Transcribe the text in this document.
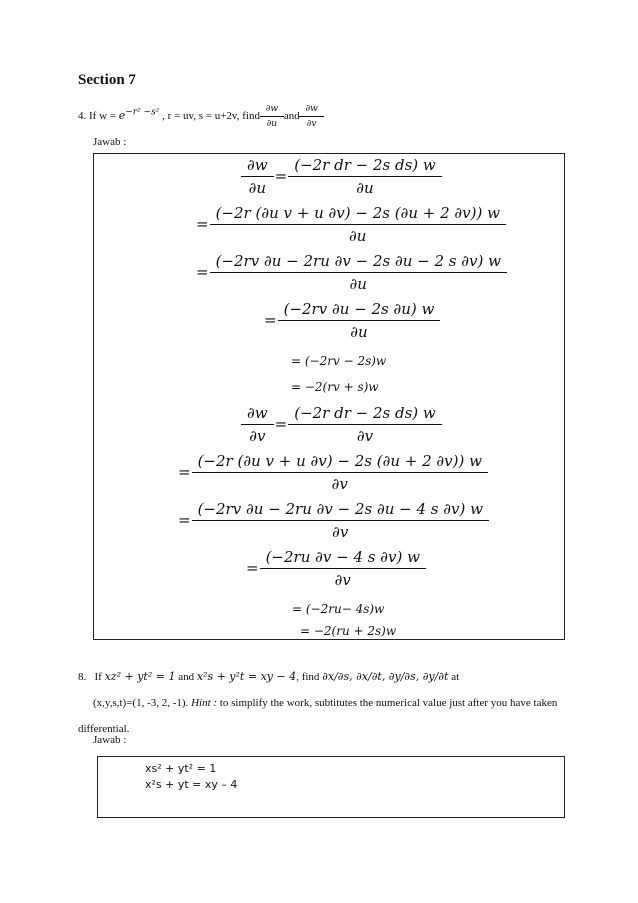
Section 7
4. If $w = e^{-r^2 -s^2}$ , r = uv, s = u+2v, find $\frac{\partial w}{\partial u}$ and $\frac{\partial w}{\partial v}$
Jawab :
$\frac{\partial w}{\partial u} = \frac{\text{(−2r dr − 2s ds) w}}{\partial u}$
= $\frac{\text{(−2r (∂u v + u ∂v) − 2s (∂u + 2 ∂v)) w}}{\partial u}$
= $\frac{(-2rv \partial u - 2ru \partial v - 2s \partial u - 2 s \partial v) w}{\partial u}$
= $\frac{(-2rv \partial u - 2s \partial u) w}{\partial u}$
= (−2rv − 2s)w
= −2(rv + s)w
$\frac{\partial w}{\partial v} = \frac{\text{(−2r dr − 2s ds) w}}{\partial v}$
= $\frac{\text{(−2r (∂u v + u ∂v) − 2s (∂u + 2 ∂v)) w}}{\partial v}$
= $\frac{(-2rv \partial u - 2ru \partial v - 2s \partial u - 4 s \partial v) w}{\partial v}$
= $\frac{(-2ru \partial v - 4 s \partial v) w}{\partial v}$
= (−2ru− 4s)w
= −2(ru + 2s)w
8. If xz² + yt² = 1 and x²s + y²t = xy − 4, find ∂x/∂s, ∂x/∂t, ∂y/∂s, ∂y/∂t at
(x,y,s,t)=(1, -3, 2, -1). Hint : to simplify the work, subtitutes the numerical value just after you have taken differential.
Jawab :
xs² + yt² = 1
x²s + yt = xy – 4
